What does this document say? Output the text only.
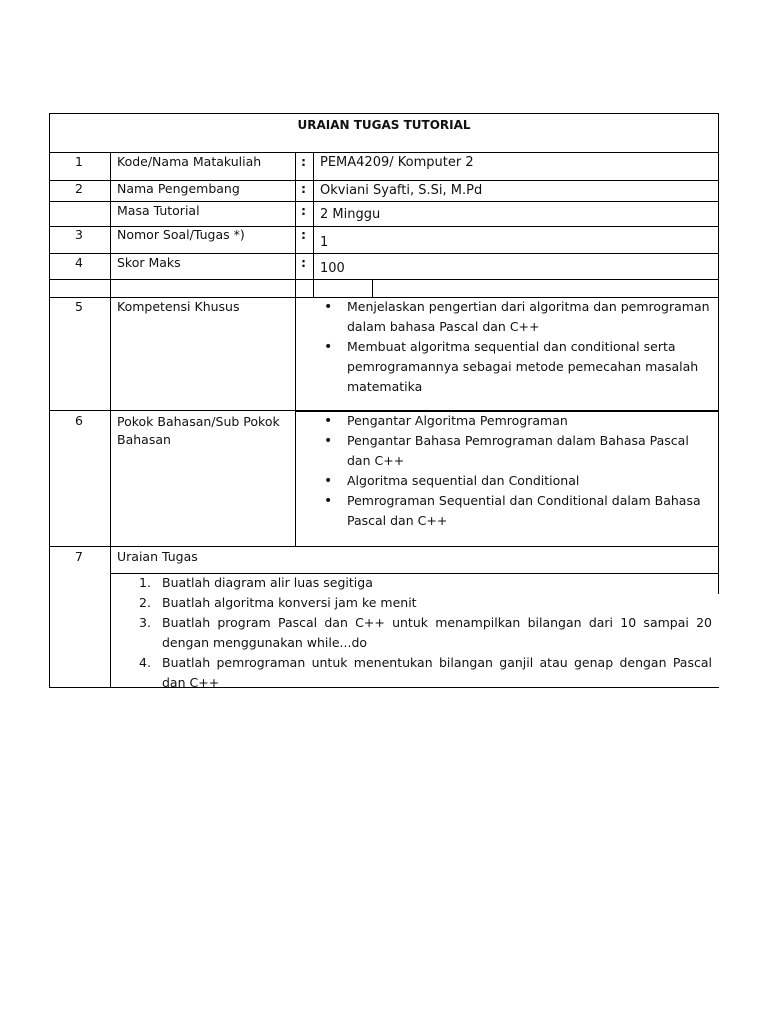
URAIAN TUGAS TUTORIAL
1	Kode/Nama Matakuliah	: PEMA4209/ Komputer 2
2	Nama Pengembang	: Okviani Syafti, S.Si, M.Pd
Masa Tutorial	: 2 Minggu
3	Nomor Soal/Tugas *)	:
1
4	Skor Maks	: 100
5	Kompetensi Khusus
•	Menjelaskan pengertian dari algoritma dan pemrograman dalam bahasa Pascal dan C++
• Membuat algoritma sequential dan conditional serta pemrogramannya sebagai metode pemecahan masalah matematika
6	Pokok Bahasan/Sub Pokok Bahasan
• Pengantar Algoritma Pemrograman
• Pengantar Bahasa Pemrograman dalam Bahasa Pascal dan C++
• Algoritma sequential dan Conditional
• Pemrograman Sequential dan Conditional dalam Bahasa Pascal dan C++
7	Uraian Tugas
1. Buatlah diagram alir luas segitiga
2. Buatlah algoritma konversi jam ke menit
3. Buatlah program Pascal dan C++ untuk menampilkan bilangan dari 10 sampai 20 dengan menggunakan while...do
4. Buatlah pemrograman untuk menentukan bilangan ganjil atau genap dengan Pascal dan C++
